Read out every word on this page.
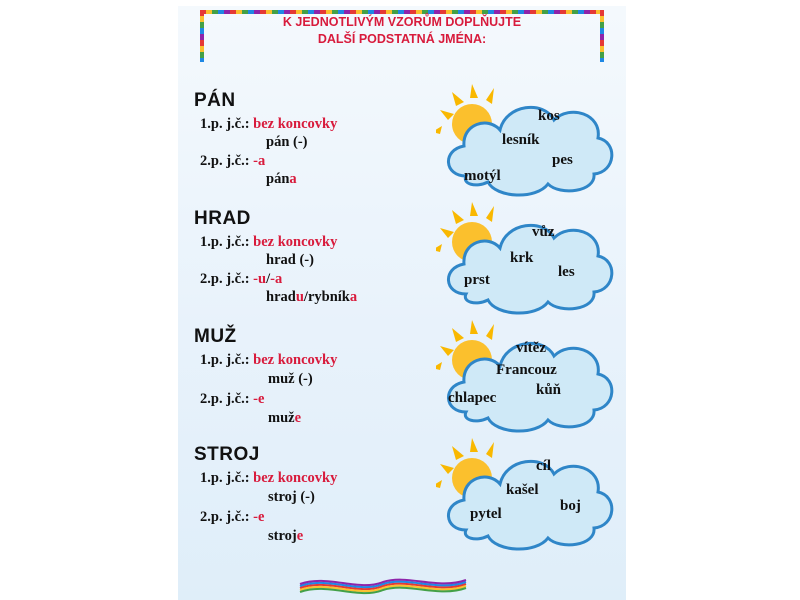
K JEDNOTLIVÝM VZORŮM DOPLŇUJTE
DALŠÍ PODSTATNÁ JMÉNA:
PÁN
1.p. j.č.: bez koncovky
pán (-)
2.p. j.č.: -a
pána
kos
lesník
pes
motýl
HRAD
1.p. j.č.: bez koncovky
hrad (-)
2.p. j.č.: -u/-a
hradu/rybníka
vůz
krk
les
prst
MUŽ
1.p. j.č.: bez koncovky
muž (-)
2.p. j.č.: -e
muže
vítěz
Francouz
kůň
chlapec
STROJ
1.p. j.č.: bez koncovky
stroj (-)
2.p. j.č.: -e
stroje
cíl
kašel
boj
pytel
